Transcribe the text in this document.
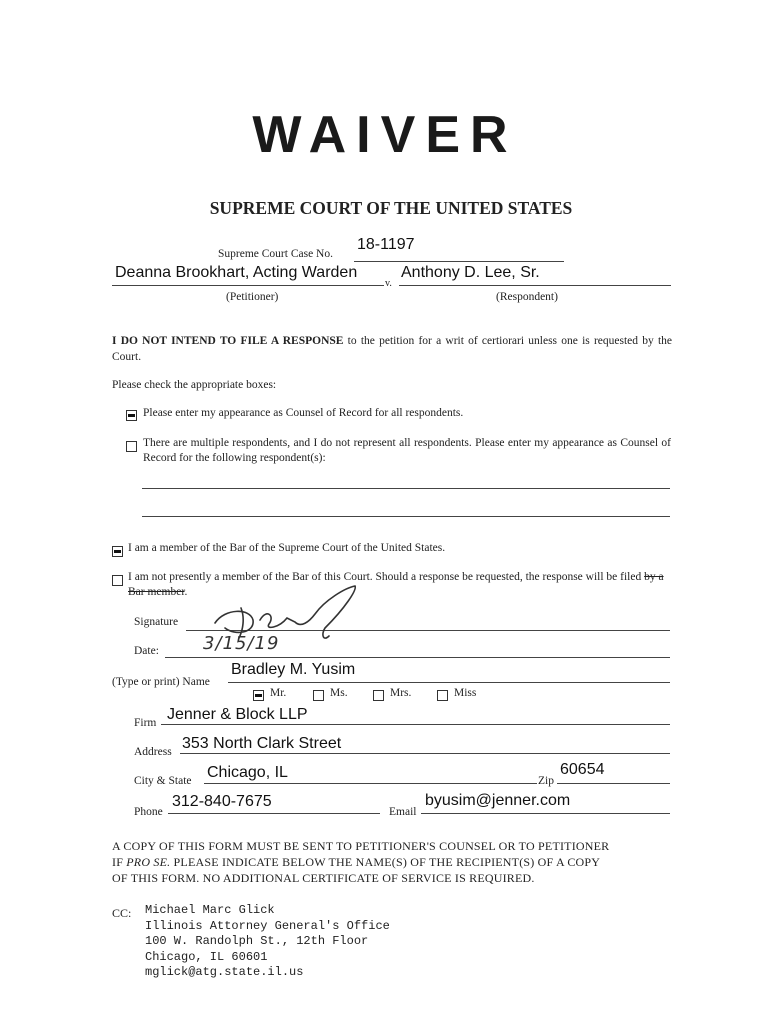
WAIVER
SUPREME COURT OF THE UNITED STATES
Supreme Court Case No.
18-1197
Deanna Brookhart, Acting Warden
v.
Anthony D. Lee, Sr.
(Petitioner)	(Respondent)
I DO NOT INTEND TO FILE A RESPONSE to the petition for a writ of certiorari unless one is requested by the Court.
Please check the appropriate boxes:
Please enter my appearance as Counsel of Record for all respondents.
There are multiple respondents, and I do not represent all respondents. Please enter my appearance as Counsel of Record for the following respondent(s):
I am a member of the Bar of the Supreme Court of the United States.
I am not presently a member of the Bar of this Court. Should a response be requested, the response will be filed by a Bar member.
Signature
Date: 3/15/19
(Type or print) Name
Bradley M. Yusim
Mr.	Ms.	Mrs.	Miss
Firm Jenner & Block LLP
Address 353 North Clark Street
City & State Chicago, IL	Zip
60654
Phone
312-840-7675
Email
byusim@jenner.com
A COPY OF THIS FORM MUST BE SENT TO PETITIONER'S COUNSEL OR TO PETITIONER
IF PRO SE. PLEASE INDICATE BELOW THE NAME(S) OF THE RECIPIENT(S) OF A COPY
OF THIS FORM. NO ADDITIONAL CERTIFICATE OF SERVICE IS REQUIRED.
CC: Michael Marc Glick
Illinois Attorney General's Office
100 W. Randolph St., 12th Floor
Chicago, IL 60601
mglick@atg.state.il.us
